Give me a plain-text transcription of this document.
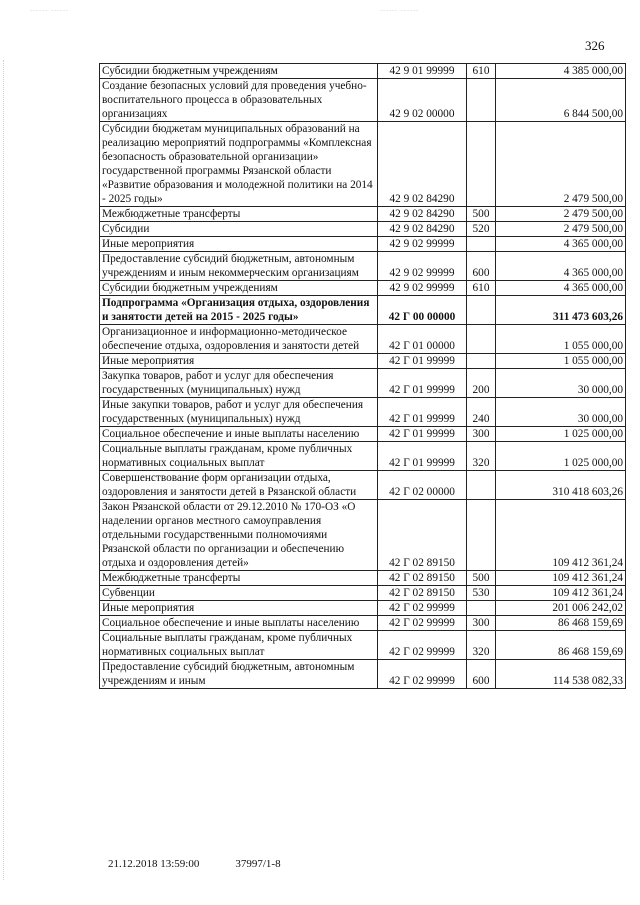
...... ......	...... ......
326
Субсидии бюджетным учреждениям	42 9 01 99999	610	4 385 000,00
Создание безопасных условий для проведения учебно-воспитательного процесса в образовательных организациях	42 9 02 00000		6 844 500,00
Субсидии бюджетам муниципальных образований на реализацию мероприятий подпрограммы «Комплексная безопасность образовательной организации» государственной программы Рязанской области «Развитие образования и молодежной политики на 2014 - 2025 годы»	42 9 02 84290		2 479 500,00
Межбюджетные трансферты	42 9 02 84290	500	2 479 500,00
Субсидии	42 9 02 84290	520	2 479 500,00
Иные мероприятия	42 9 02 99999		4 365 000,00
Предоставление субсидий бюджетным, автономным учреждениям и иным некоммерческим организациям	42 9 02 99999	600	4 365 000,00
Субсидии бюджетным учреждениям	42 9 02 99999	610	4 365 000,00
Подпрограмма «Организация отдыха, оздоровления и занятости детей на 2015 - 2025 годы»	42 Г 00 00000		311 473 603,26
Организационное и информационно-методическое обеспечение отдыха, оздоровления и занятости детей	42 Г 01 00000		1 055 000,00
Иные мероприятия	42 Г 01 99999		1 055 000,00
Закупка товаров, работ и услуг для обеспечения государственных (муниципальных) нужд	42 Г 01 99999	200	30 000,00
Иные закупки товаров, работ и услуг для обеспечения государственных (муниципальных) нужд	42 Г 01 99999	240	30 000,00
Социальное обеспечение и иные выплаты населению	42 Г 01 99999	300	1 025 000,00
Социальные выплаты гражданам, кроме публичных нормативных социальных выплат	42 Г 01 99999	320	1 025 000,00
Совершенствование форм организации отдыха, оздоровления и занятости детей в Рязанской области	42 Г 02 00000		310 418 603,26
Закон Рязанской области от 29.12.2010 № 170-ОЗ «О наделении органов местного самоуправления отдельными государственными полномочиями Рязанской области по организации и обеспечению отдыха и оздоровления детей»	42 Г 02 89150		109 412 361,24
Межбюджетные трансферты	42 Г 02 89150	500	109 412 361,24
Субвенции	42 Г 02 89150	530	109 412 361,24
Иные мероприятия	42 Г 02 99999		201 006 242,02
Социальное обеспечение и иные выплаты населению	42 Г 02 99999	300	86 468 159,69
Социальные выплаты гражданам, кроме публичных нормативных социальных выплат	42 Г 02 99999	320	86 468 159,69
Предоставление субсидий бюджетным, автономным учреждениям и иным	42 Г 02 99999	600	114 538 082,33
21.12.2018 13:59:00	37997/1-8
